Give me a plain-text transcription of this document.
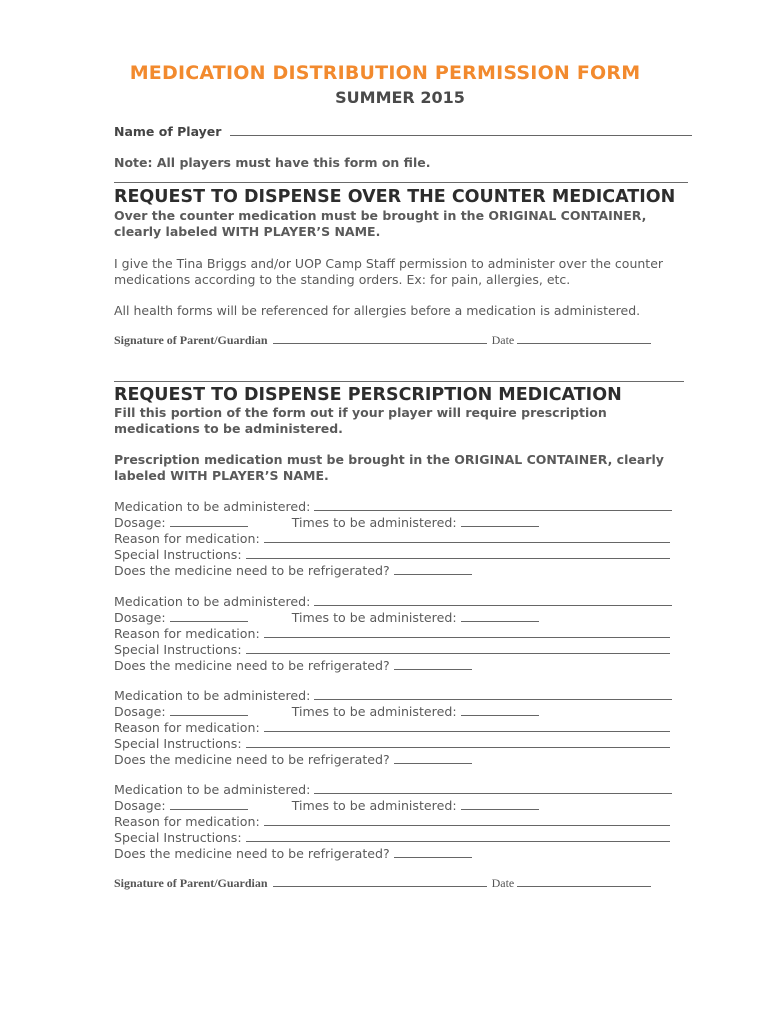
MEDICATION DISTRIBUTION PERMISSION FORM
SUMMER 2015
Name of Player
Note: All players must have this form on file.
REQUEST TO DISPENSE OVER THE COUNTER MEDICATION
Over the counter medication must be brought in the ORIGINAL CONTAINER,
clearly labeled WITH PLAYER’S NAME.
I give the Tina Briggs and/or UOP Camp Staff permission to administer over the counter
medications according to the standing orders. Ex: for pain, allergies, etc.
All health forms will be referenced for allergies before a medication is administered.
Signature of Parent/Guardian	Date
REQUEST TO DISPENSE PERSCRIPTION MEDICATION
Fill this portion of the form out if your player will require prescription
medications to be administered.
Prescription medication must be brought in the ORIGINAL CONTAINER, clearly
labeled WITH PLAYER’S NAME.
Medication to be administered:
Dosage:	Times to be administered:
Reason for medication:
Special Instructions:
Does the medicine need to be refrigerated?
Medication to be administered:
Dosage:	Times to be administered:
Reason for medication:
Special Instructions:
Does the medicine need to be refrigerated?
Medication to be administered:
Dosage:	Times to be administered:
Reason for medication:
Special Instructions:
Does the medicine need to be refrigerated?
Medication to be administered:
Dosage:	Times to be administered:
Reason for medication:
Special Instructions:
Does the medicine need to be refrigerated?
Signature of Parent/Guardian	Date
